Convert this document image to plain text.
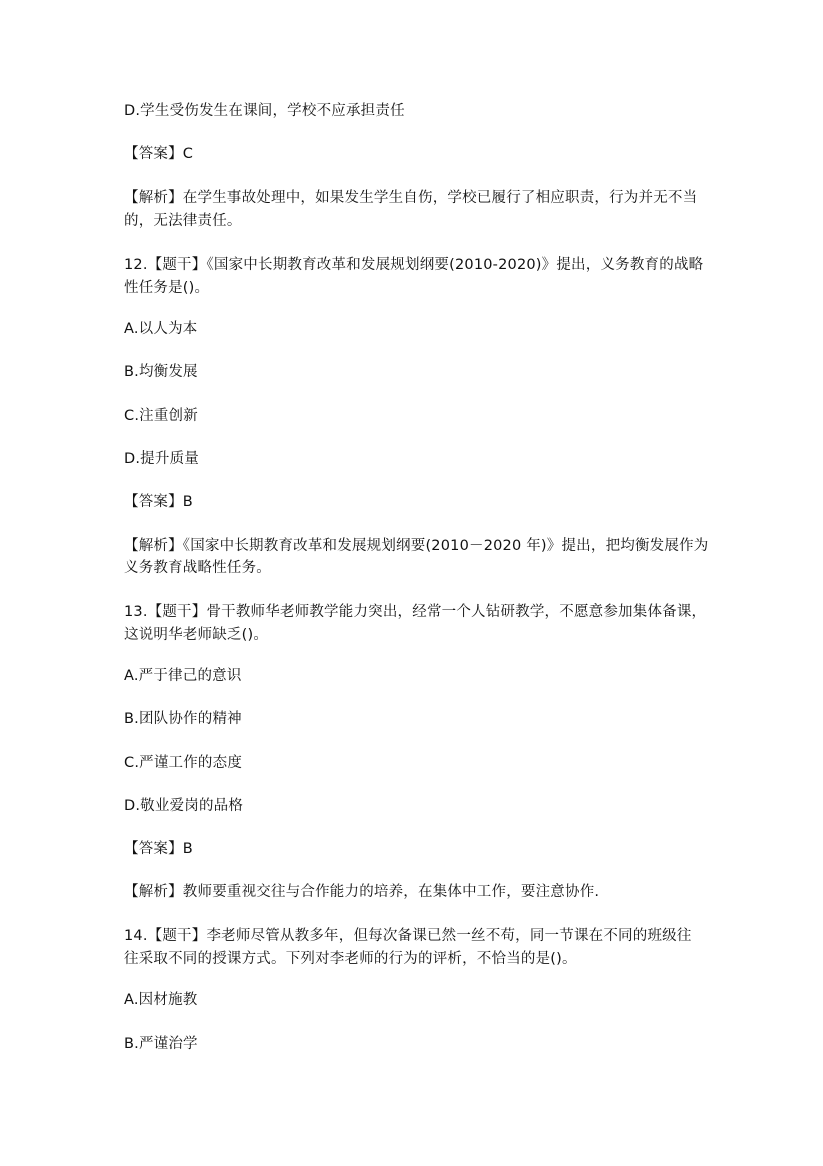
D.学生受伤发生在课间，学校不应承担责任
【答案】C
【解析】在学生事故处理中，如果发生学生自伤，学校已履行了相应职责，行为并无不当
的，无法律责任。
12.【题干】《国家中长期教育改革和发展规划纲要(2010-2020)》提出，义务教育的战略
性任务是()。
A.以人为本
B.均衡发展
C.注重创新
D.提升质量
【答案】B
【解析】《国家中长期教育改革和发展规划纲要(2010－2020 年)》提出，把均衡发展作为
义务教育战略性任务。
13.【题干】骨干教师华老师教学能力突出，经常一个人钻研教学，不愿意参加集体备课，
这说明华老师缺乏()。
A.严于律己的意识
B.团队协作的精神
C.严谨工作的态度
D.敬业爱岗的品格
【答案】B
【解析】教师要重视交往与合作能力的培养，在集体中工作，要注意协作.
14.【题干】李老师尽管从教多年，但每次备课已然一丝不苟，同一节课在不同的班级往
往采取不同的授课方式。下列对李老师的行为的评析，不恰当的是()。
A.因材施教
B.严谨治学
